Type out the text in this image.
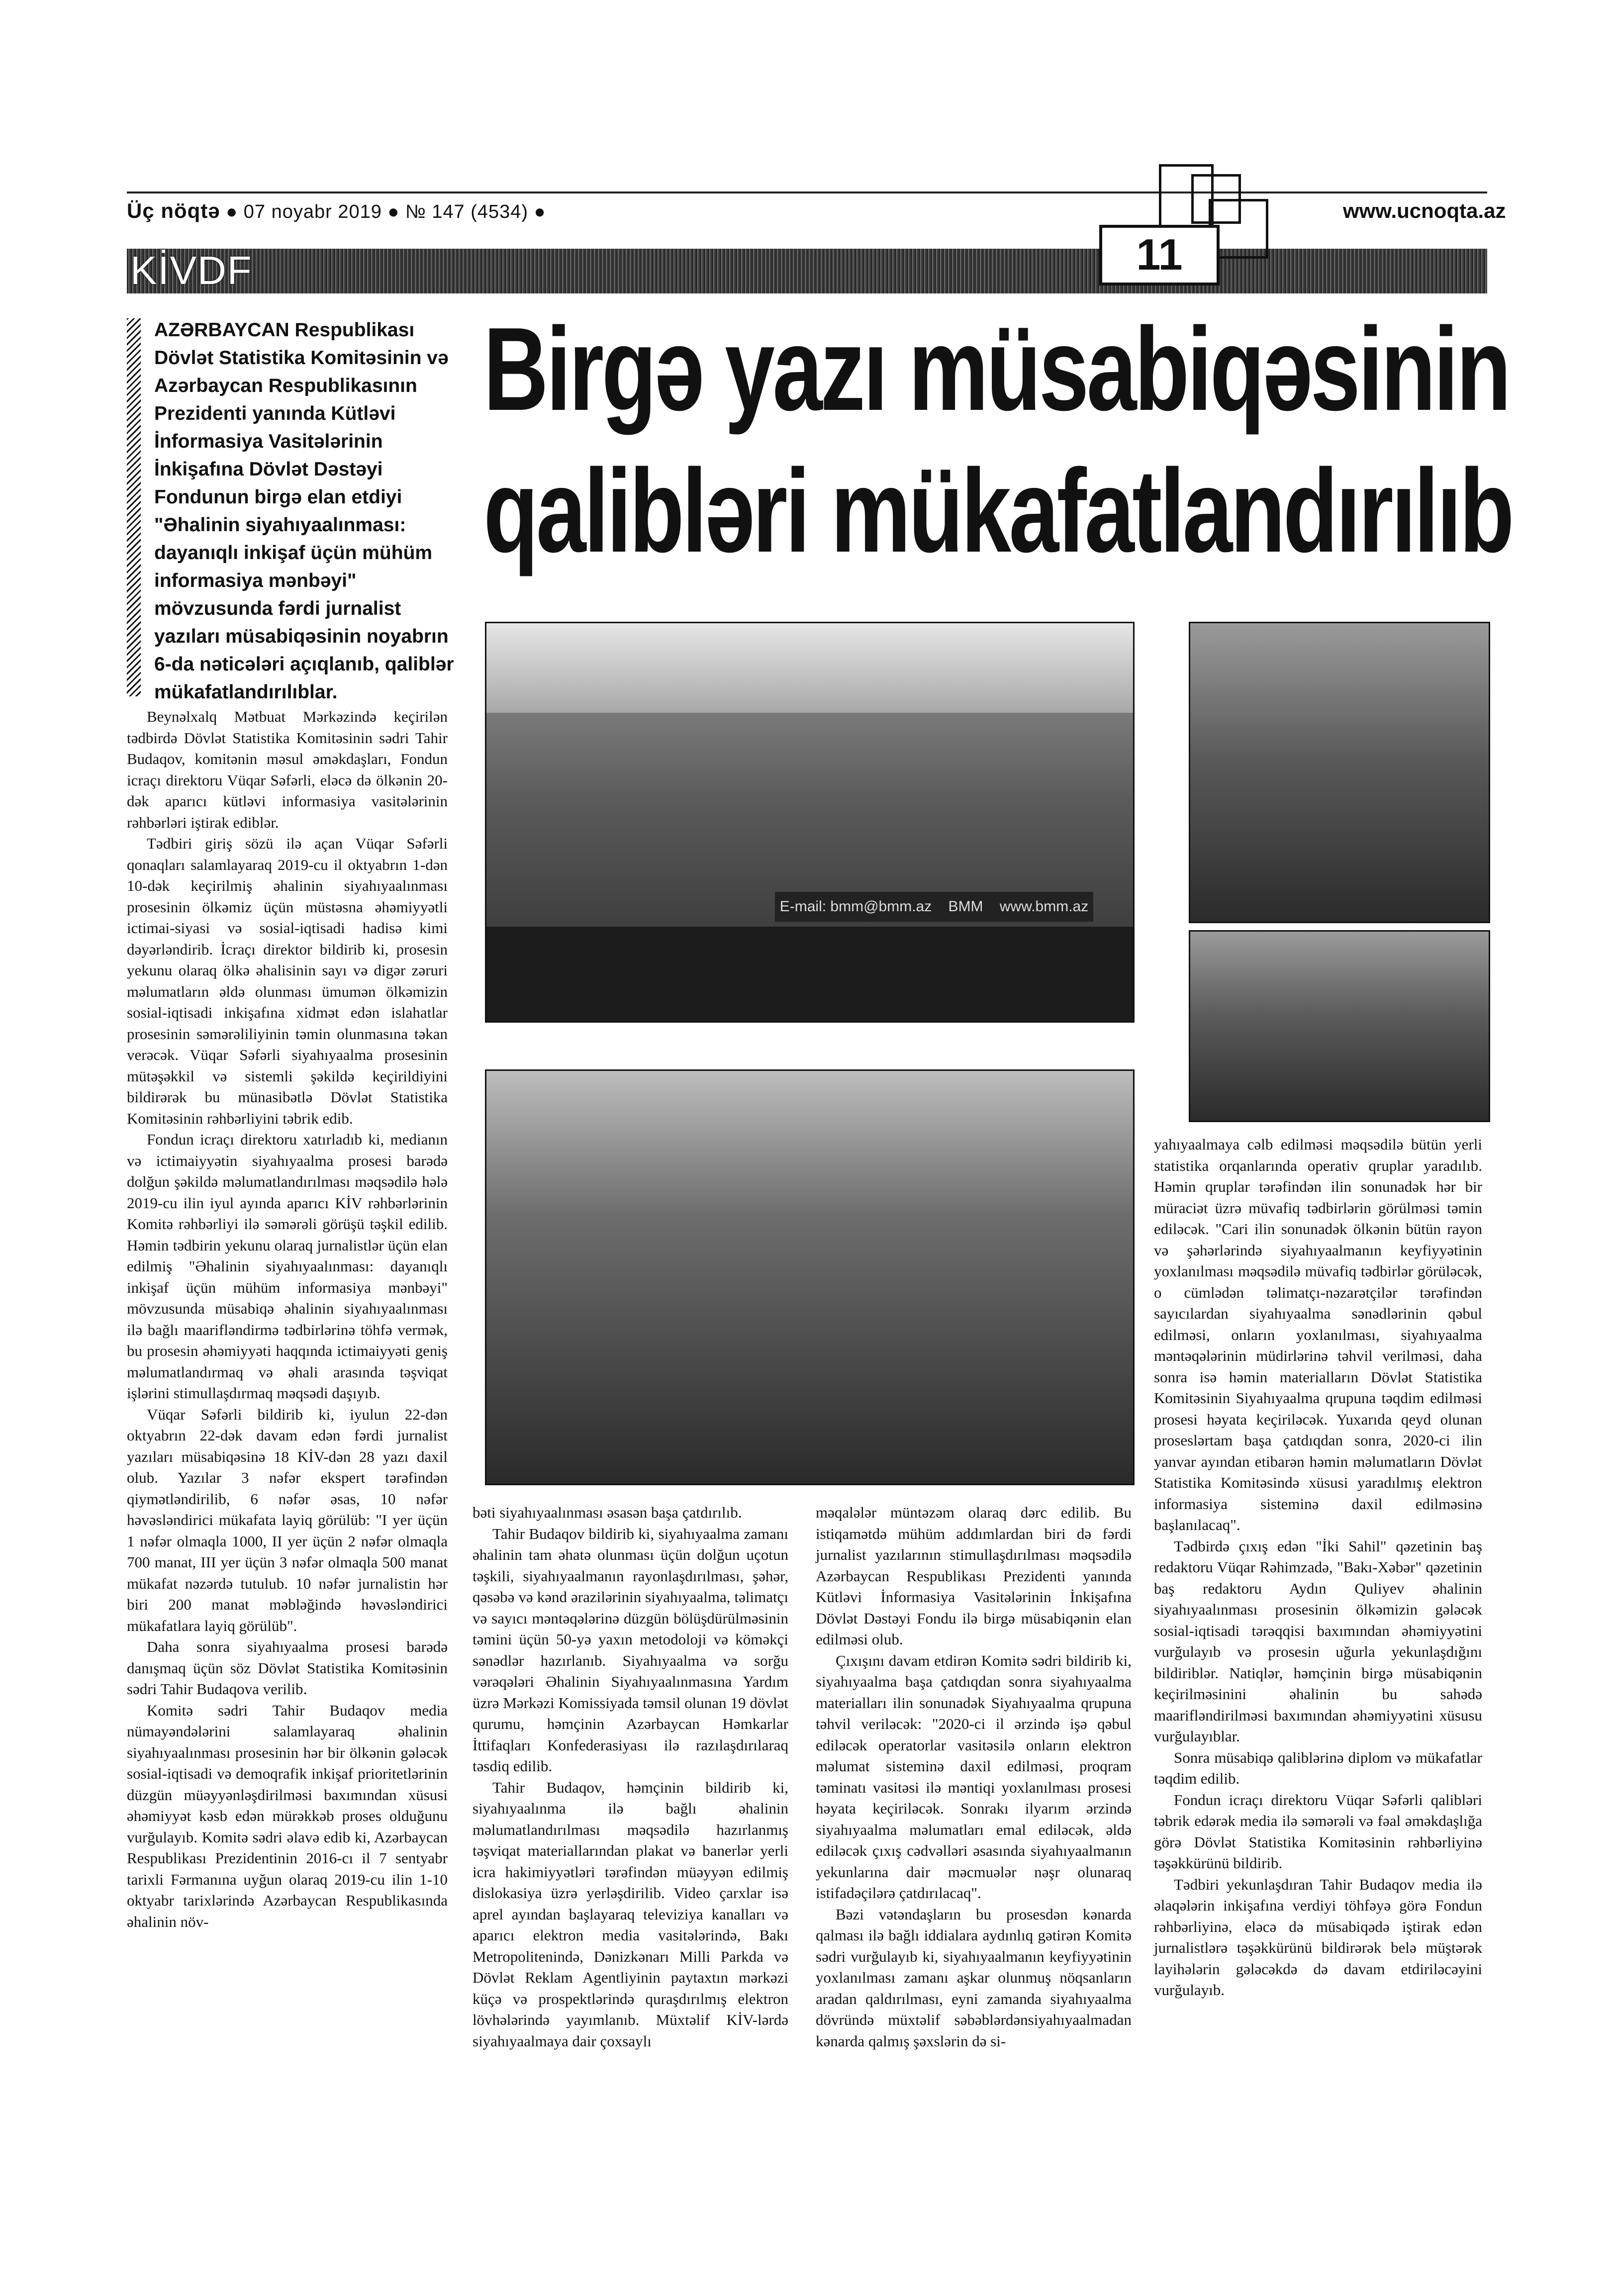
Üç nöqtə ● 07 noyabr 2019 ● № 147 (4534) ●	www.ucnoqta.az
11
KİVDF
AZƏRBAYCAN Respublikası Dövlət Statistika Komitəsinin və Azərbaycan Respublikasının Prezidenti yanında Kütləvi İnformasiya Vasitələrinin İnkişafına Dövlət Dəstəyi Fondunun birgə elan etdiyi "Əhalinin siyahıyaalınması: dayanıqlı inkişaf üçün mühüm informasiya mənbəyi" mövzusunda fərdi jurnalist yazıları müsabiqəsinin noyabrın 6-da nəticələri açıqlanıb, qaliblər mükafatlandırılıblar.
Birgə yazı müsabiqəsinin
qalibləri mükafatlandırılıb
E-mail: bmm@bmm.az    BMM    www.bmm.az

Beynəlxalq Mətbuat Mərkəzində keçirilən tədbirdə Dövlət Statistika Komitəsinin sədri Tahir Budaqov, komitənin məsul əməkdaşları, Fondun icraçı direktoru Vüqar Səfərli, eləcə də ölkənin 20-dək aparıcı kütləvi informasiya vasitələrinin rəhbərləri iştirak ediblər.

Tədbiri giriş sözü ilə açan Vüqar Səfərli qonaqları salamlayaraq 2019-cu il oktyabrın 1-dən 10-dək keçirilmiş əhalinin siyahıyaalınması prosesinin ölkəmiz üçün müstəsna əhəmiyyətli ictimai-siyasi və sosial-iqtisadi hadisə kimi dəyərləndirib. İcraçı direktor bildirib ki, prosesin yekunu olaraq ölkə əhalisinin sayı və digər zəruri məlumatların əldə olunması ümumən ölkəmizin sosial-iqtisadi inkişafına xidmət edən islahatlar prosesinin səmərəliliyinin təmin olunmasına təkan verəcək. Vüqar Səfərli siyahıyaalma prosesinin mütəşəkkil və sistemli şəkildə keçirildiyini bildirərək bu münasibətlə Dövlət Statistika Komitəsinin rəhbərliyini təbrik edib.

Fondun icraçı direktoru xatırladıb ki, medianın və ictimaiyyətin siyahıyaalma prosesi barədə dolğun şəkildə məlumatlandırılması məqsədilə hələ 2019-cu ilin iyul ayında aparıcı KİV rəhbərlərinin Komitə rəhbərliyi ilə səmərəli görüşü təşkil edilib. Həmin tədbirin yekunu olaraq jurnalistlər üçün elan edilmiş "Əhalinin siyahıyaalınması: dayanıqlı inkişaf üçün mühüm informasiya mənbəyi" mövzusunda müsabiqə əhalinin siyahıyaalınması ilə bağlı maarifləndirmə tədbirlərinə töhfə vermək, bu prosesin əhəmiyyəti haqqında ictimaiyyəti geniş məlumatlandırmaq və əhali arasında təşviqat işlərini stimullaşdırmaq məqsədi daşıyıb.

Vüqar Səfərli bildirib ki, iyulun 22-dən oktyabrın 22-dək davam edən fərdi jurnalist yazıları müsabiqəsinə 18 KİV-dən 28 yazı daxil olub. Yazılar 3 nəfər ekspert tərəfindən qiymətləndirilib, 6 nəfər əsas, 10 nəfər həvəsləndirici mükafata layiq görülüb: "I yer üçün 1 nəfər olmaqla 1000, II yer üçün 2 nəfər olmaqla 700 manat, III yer üçün 3 nəfər olmaqla 500 manat mükafat nəzərdə tutulub. 10 nəfər jurnalistin hər biri 200 manat məbləğində həvəsləndirici mükafatlara layiq görülüb".

Daha sonra siyahıyaalma prosesi barədə danışmaq üçün söz Dövlət Statistika Komitəsinin sədri Tahir Budaqova verilib.

Komitə sədri Tahir Budaqov media nümayəndələrini salamlayaraq əhalinin siyahıyaalınması prosesinin hər bir ölkənin gələcək sosial-iqtisadi və demoqrafik inkişaf prioritetlərinin düzgün müəyyənləşdirilməsi baxımından xüsusi əhəmiyyət kəsb edən mürəkkəb proses olduğunu vurğulayıb. Komitə sədri əlavə edib ki, Azərbaycan Respublikası Prezidentinin 2016-cı il 7 sentyabr tarixli Fərmanına uyğun olaraq 2019-cu ilin 1-10 oktyabr tarixlərində Azərbaycan Respublikasında əhalinin növ-

bəti siyahıyaalınması əsasən başa çatdırılıb.

Tahir Budaqov bildirib ki, siyahıyaalma zamanı əhalinin tam əhatə olunması üçün dolğun uçotun təşkili, siyahıyaalmanın rayonlaşdırılması, şəhər, qəsəbə və kənd ərazilərinin siyahıyaalma, təlimatçı və sayıcı məntəqələrinə düzgün bölüşdürülməsinin təmini üçün 50-yə yaxın metodoloji və köməkçi sənədlər hazırlanıb. Siyahıyaalma və sorğu vərəqələri Əhalinin Siyahıyaalınmasına Yardım üzrə Mərkəzi Komissiyada təmsil olunan 19 dövlət qurumu, həmçinin Azərbaycan Həmkarlar İttifaqları Konfederasiyası ilə razılaşdırılaraq təsdiq edilib.

Tahir Budaqov, həmçinin bildirib ki, siyahıyaalınma ilə bağlı əhalinin məlumatlandırılması məqsədilə hazırlanmış təşviqat materiallarından plakat və banerlər yerli icra hakimiyyətləri tərəfindən müəyyən edilmiş dislokasiya üzrə yerləşdirilib. Video çarxlar isə aprel ayından başlayaraq televiziya kanalları və aparıcı elektron media vasitələrində, Bakı Metropolitenində, Dənizkənarı Milli Parkda və Dövlət Reklam Agentliyinin paytaxtın mərkəzi küçə və prospektlərində quraşdırılmış elektron lövhələrində yayımlanıb. Müxtəlif KİV-lərdə siyahıyaalmaya dair çoxsaylı

məqalələr müntəzəm olaraq dərc edilib. Bu istiqamətdə mühüm addımlardan biri də fərdi jurnalist yazılarının stimullaşdırılması məqsədilə Azərbaycan Respublikası Prezidenti yanında Kütləvi İnformasiya Vasitələrinin İnkişafına Dövlət Dəstəyi Fondu ilə birgə müsabiqənin elan edilməsi olub.

Çıxışını davam etdirən Komitə sədri bildirib ki, siyahıyaalma başa çatdıqdan sonra siyahıyaalma materialları ilin sonunadək Siyahıyaalma qrupuna təhvil veriləcək: "2020-ci il ərzində işə qəbul ediləcək operatorlar vasitəsilə onların elektron məlumat sisteminə daxil edilməsi, proqram təminatı vasitəsi ilə məntiqi yoxlanılması prosesi həyata keçiriləcək. Sonrakı ilyarım ərzində siyahıyaalma məlumatları emal ediləcək, əldə ediləcək çıxış cədvəlləri əsasında siyahıyaalmanın yekunlarına dair məcmuələr nəşr olunaraq istifadəçilərə çatdırılacaq".

Bəzi vətəndaşların bu prosesdən kənarda qalması ilə bağlı iddialara aydınlıq gətirən Komitə sədri vurğulayıb ki, siyahıyaalmanın keyfiyyətinin yoxlanılması zamanı aşkar olunmuş nöqsanların aradan qaldırılması, eyni zamanda siyahıyaalma dövründə müxtəlif səbəblərdənsiyahıyaalmadan kənarda qalmış şəxslərin də si-

yahıyaalmaya cəlb edilməsi məqsədilə bütün yerli statistika orqanlarında operativ qruplar yaradılıb. Həmin qruplar tərəfindən ilin sonunadək hər bir müraciət üzrə müvafiq tədbirlərin görülməsi təmin ediləcək. "Cari ilin sonunadək ölkənin bütün rayon və şəhərlərində siyahıyaalmanın keyfiyyətinin yoxlanılması məqsədilə müvafiq tədbirlər görüləcək, o cümlədən təlimatçı-nəzarətçilər tərəfindən sayıcılardan siyahıyaalma sənədlərinin qəbul edilməsi, onların yoxlanılması, siyahıyaalma məntəqələrinin müdirlərinə təhvil verilməsi, daha sonra isə həmin materialların Dövlət Statistika Komitəsinin Siyahıyaalma qrupuna təqdim edilməsi prosesi həyata keçiriləcək. Yuxarıda qeyd olunan proseslərtam başa çatdıqdan sonra, 2020-ci ilin yanvar ayından etibarən həmin məlumatların Dövlət Statistika Komitəsində xüsusi yaradılmış elektron informasiya sisteminə daxil edilməsinə başlanılacaq".

Tədbirdə çıxış edən "İki Sahil" qəzetinin baş redaktoru Vüqar Rəhimzadə, "Bakı-Xəbər" qəzetinin baş redaktoru Aydın Quliyev əhalinin siyahıyaalınması prosesinin ölkəmizin gələcək sosial-iqtisadi tərəqqisi baxımından əhəmiyyətini vurğulayıb və prosesin uğurla yekunlaşdığını bildiriblər. Natiqlər, həmçinin birgə müsabiqənin keçirilməsinini əhalinin bu sahədə maarifləndirilməsi baxımından əhəmiyyətini xüsusu vurğulayıblar.

Sonra müsabiqə qaliblərinə diplom və mükafatlar təqdim edilib.

Fondun icraçı direktoru Vüqar Səfərli qalibləri təbrik edərək media ilə səmərəli və fəal əməkdaşlığa görə Dövlət Statistika Komitəsinin rəhbərliyinə təşəkkürünü bildirib.

Tədbiri yekunlaşdıran Tahir Budaqov media ilə əlaqələrin inkişafına verdiyi töhfəyə görə Fondun rəhbərliyinə, eləcə də müsabiqədə iştirak edən jurnalistlərə təşəkkürünü bildirərək belə müştərək layihələrin gələcəkdə də davam etdiriləcəyini vurğulayıb.
